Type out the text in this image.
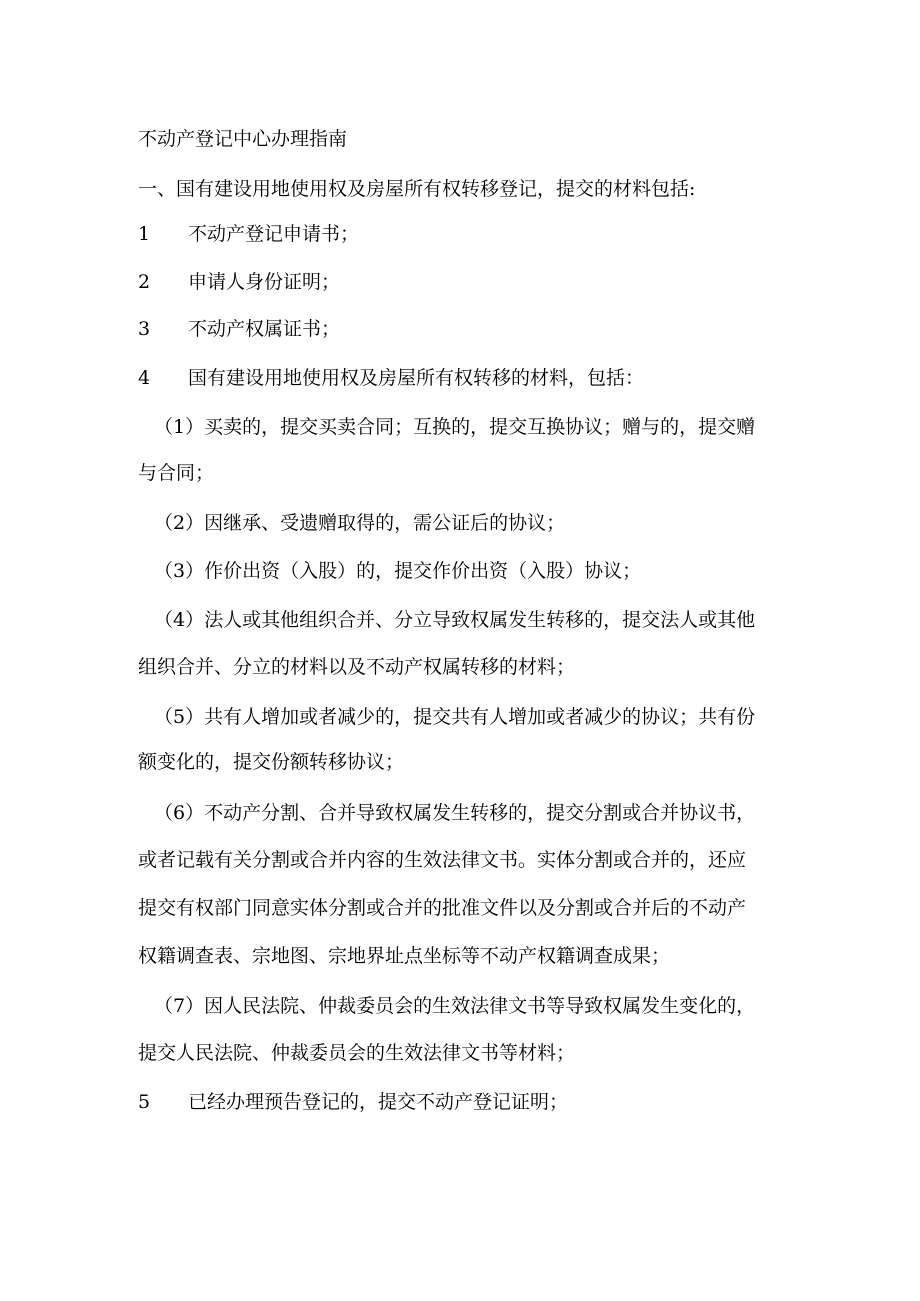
不动产登记中心办理指南
一、国有建设用地使用权及房屋所有权转移登记，提交的材料包括:
1 不动产登记申请书；
2 申请人身份证明；
3 不动产权属证书；
4 国有建设用地使用权及房屋所有权转移的材料，包括：
（1）买卖的，提交买卖合同；互换的，提交互换协议；赠与的，提交赠
与合同；
（2）因继承、受遗赠取得的，需公证后的协议；
（3）作价出资（入股）的，提交作价出资（入股）协议；
（4）法人或其他组织合并、分立导致权属发生转移的，提交法人或其他
组织合并、分立的材料以及不动产权属转移的材料；
（5）共有人增加或者减少的，提交共有人增加或者减少的协议；共有份
额变化的，提交份额转移协议；
（6）不动产分割、合并导致权属发生转移的，提交分割或合并协议书，
或者记载有关分割或合并内容的生效法律文书。实体分割或合并的，还应
提交有权部门同意实体分割或合并的批准文件以及分割或合并后的不动产
权籍调查表、宗地图、宗地界址点坐标等不动产权籍调查成果；
（7）因人民法院、仲裁委员会的生效法律文书等导致权属发生变化的，
提交人民法院、仲裁委员会的生效法律文书等材料；
5 已经办理预告登记的，提交不动产登记证明；
